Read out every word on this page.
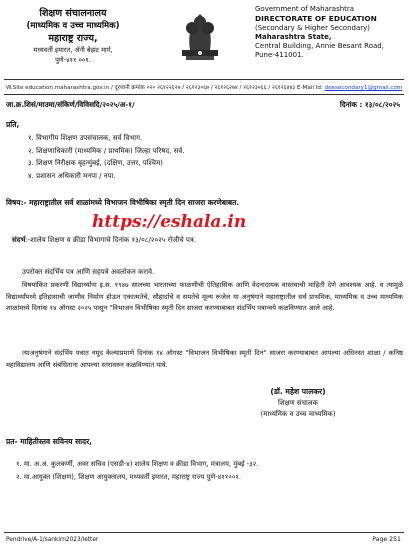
शिक्षण संचालनालय
(माध्यमिक व उच्च माध्यमिक)
महाराष्ट्र राज्य,
मध्यवर्ती इमारत, ॲनी बेझंट मार्ग,
पुणे-४११ ००१.
Government of Maharashtra
DIRECTORATE OF EDUCATION
(Secondary & Higher Secondary)
Maharashtra State,
Central Building, Annie Besant Road,
Pune-411001.
W.Site education.maharashtra.gov.in / दूरध्वनी क्रमांक ०२० २६१२२६२७ / २६१२३०६७ / २६१२६२७४ / २६१२३०६६ / २६१२६४४३ E-Mail Id: doesecondary1@gmail.com
जा.क्र.शिसं/माउमा/संकिर्ण/विविसदि/२०२५/अ-१/	दिनांक : १३/०८/२०२५
प्रति,
१. विभागीय शिक्षण उपसंचालक, सर्व विभाग.
२. शिक्षणाधिकारी (माध्यमिक / प्राथमिक) जिल्हा परिषद, सर्व.
३. शिक्षण निरीक्षक बृहन्मुंबई, (दक्षिण, उत्तर, पश्चिम)
४. प्रशासन अधिकारी मनपा / नपा.
विषय:- महाराष्ट्रातील सर्व शाळांमध्ये विभाजन विभीषिका स्मृती दिन साजरा करणेबाबत.
https://eshala.in
संदर्भ:-शालेय शिक्षण व क्रीडा विभागाचे दिनांक १३/०८/२०२५ रोजीचे पत्र.
उपरोक्त संदर्भिय पत्र आणि सहपत्रे अवलोकन करावे.
विषयांकित प्रकरणी विद्यार्थ्यांना इ.स. १९४७ सालच्या भारताच्या फाळणीची ऐतिहासिक आणि वेदनादायक वास्तवाची माहिती देणे आवश्यक आहे. व त्यामुळे विद्यार्थ्यांमध्ये इतिहासाची जाणीव निर्माण होऊन एकात्मतेचे, सौहार्दाचे व समतेचे मूल्य रूजेल या अनुषंगाने महाराष्ट्रातील सर्व प्राथमिक, माध्यमिक व उच्च माध्यमिक शाळांमध्ये दिनांक १४ ऑगस्ट २०२५ पासून "विभाजन विभीषिका स्मृती दिन साजरा करण्याबाबत संदर्भिय पत्रान्वये कळविण्यात आले आहे.
त्याअनुषंगाने संदर्भिय पत्रात नमूद केल्याप्रमाणे दिनांक १४ ऑगस्ट "विभाजन विभीषिका स्मृती दिन" साजरा करण्याबाबत आपल्या अधिनस्त शाळा / कनिष्ठ महाविद्यालय आणि संबंधिताना आपल्या स्तरावरुन कळविण्यात यावे.
(डॉ. महेश पालकर)
शिक्षण संचालक
(माध्यमिक व उच्च माध्यमिक)
प्रत- माहितीस्तव सविनय सादर,
१. मा. अ.अ. कुलकर्णी, अवर सचिव (एसडी-४) शालेय शिक्षण व क्रीडा विभाग, मंत्रालय, मुंबई -३२.
२. मा.आयुक्त (शिक्षण), शिक्षण आयुक्तालय, मध्यवर्ती इमारत, महाराष्ट्र राज्य पुणे-४११००१.
Pendrive/A-1/sankirn2023/letter	Page 251
